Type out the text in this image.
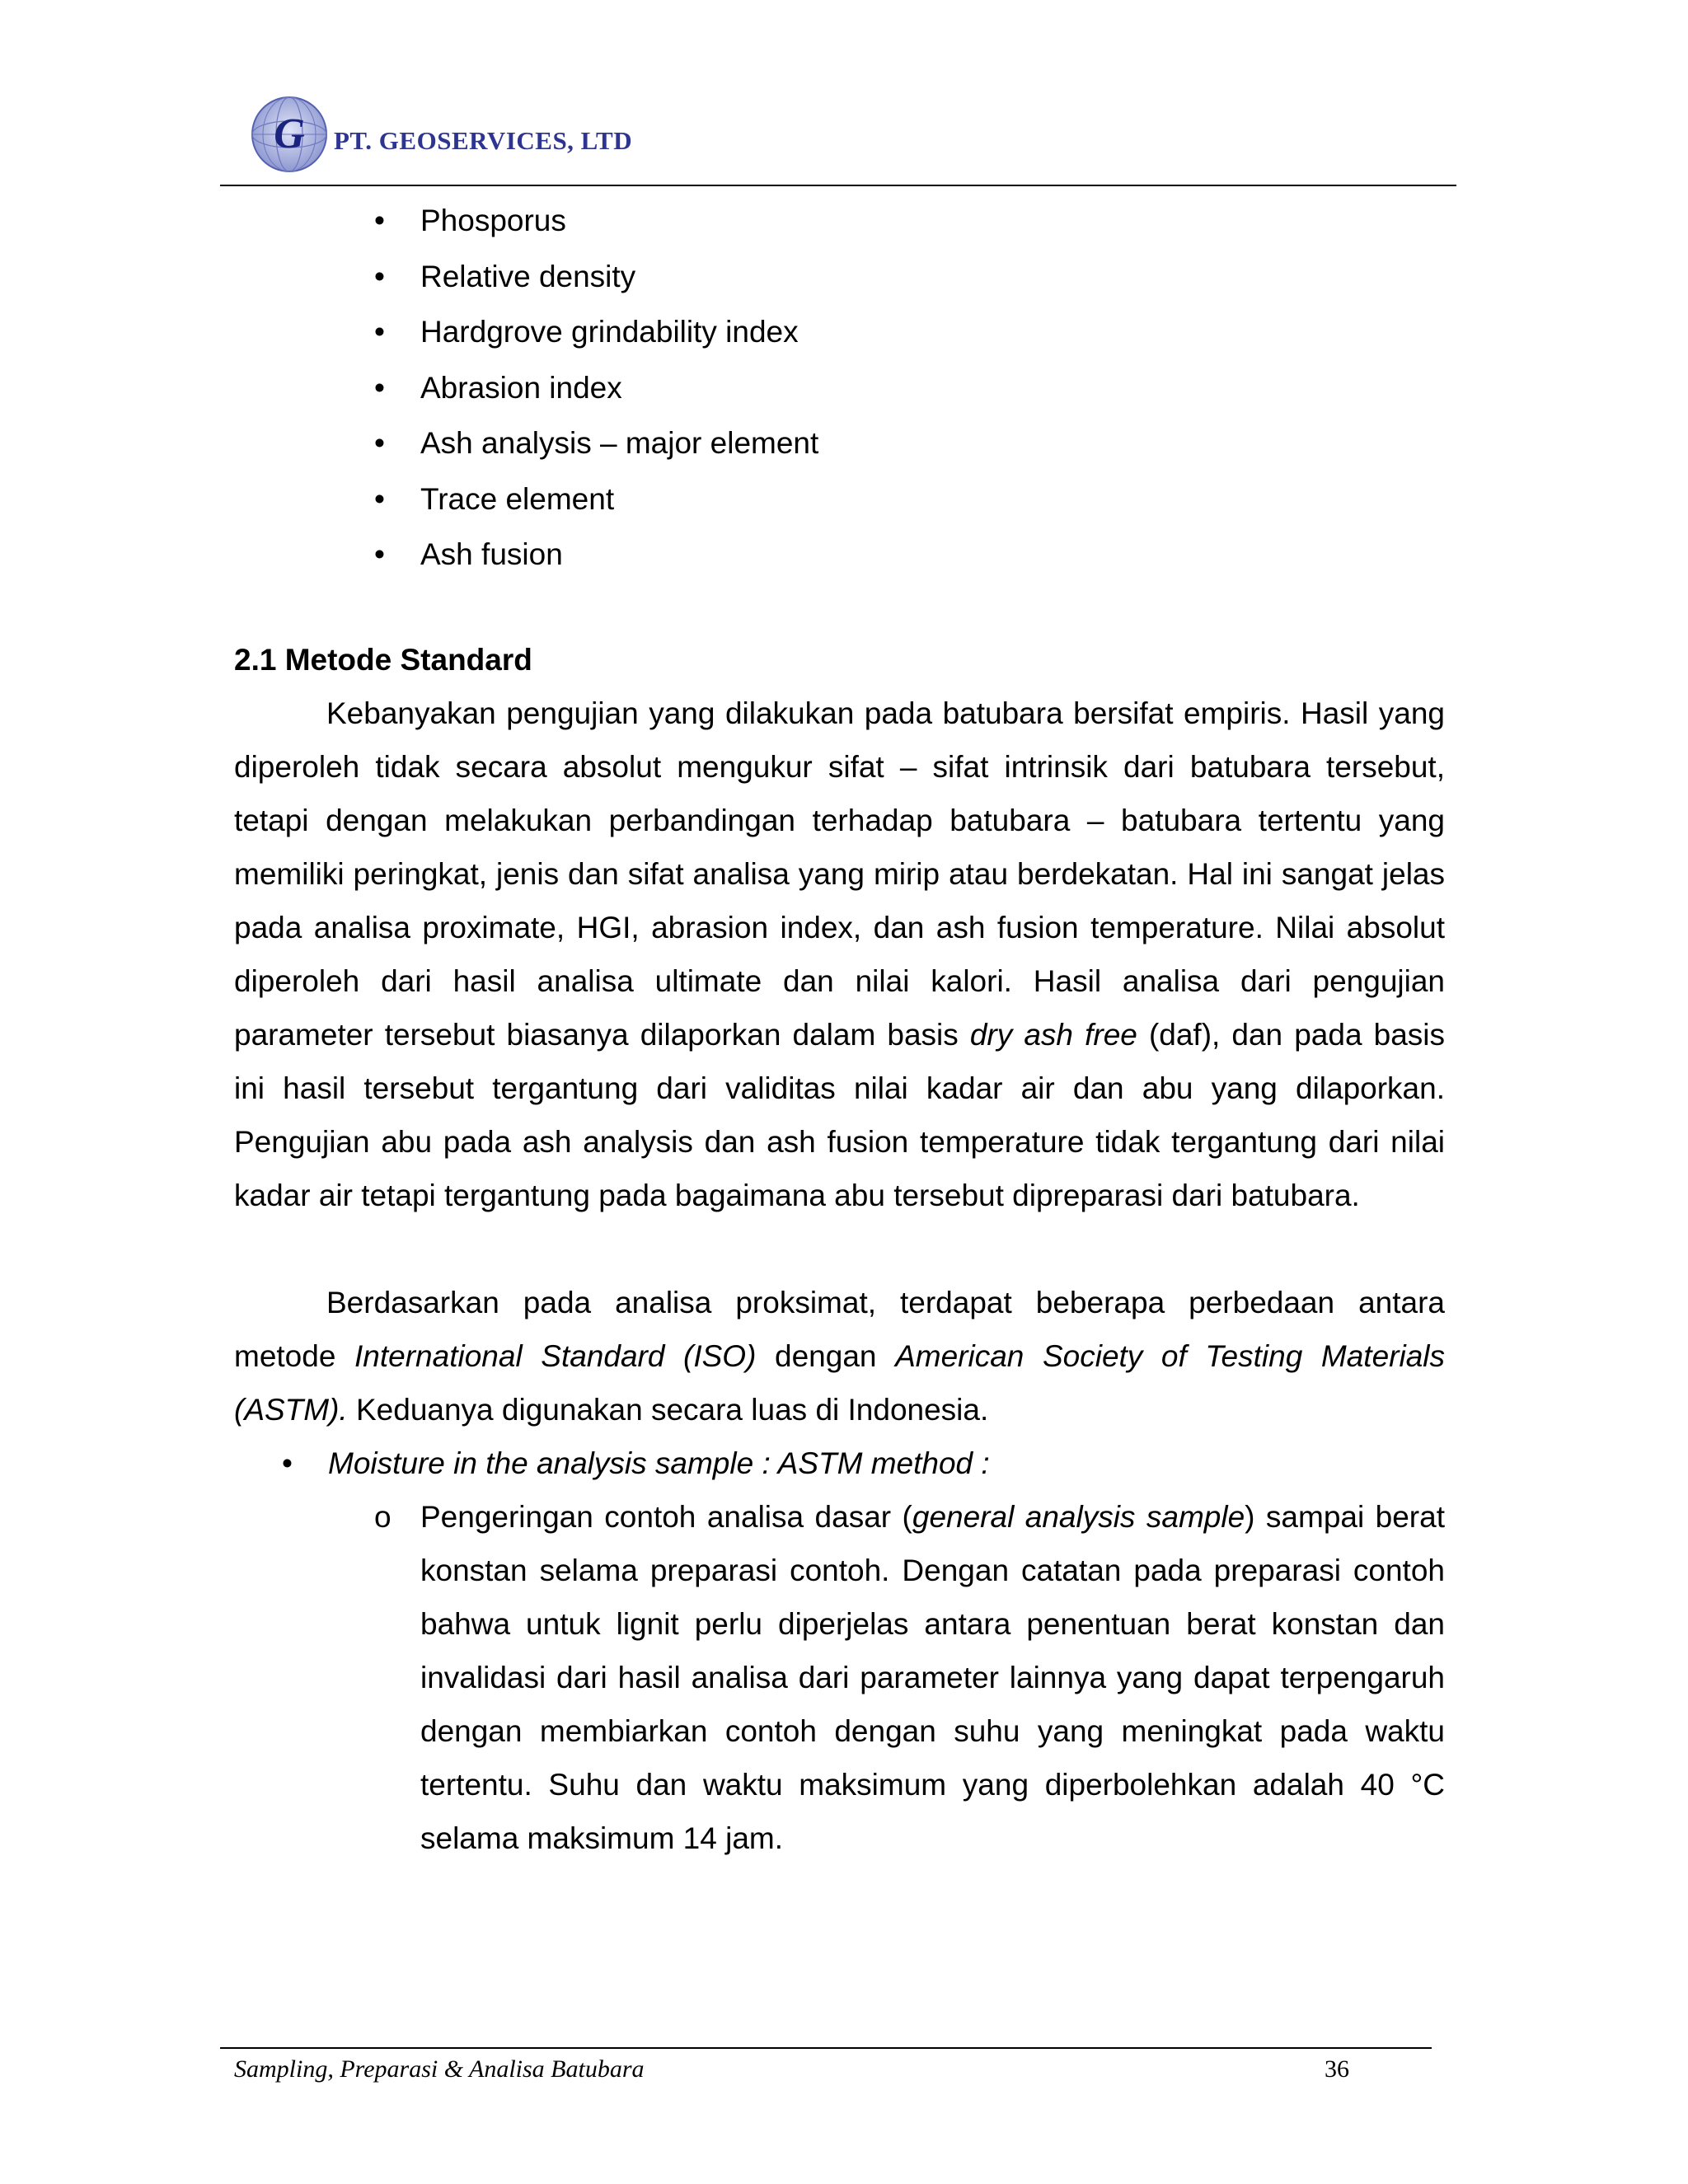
G PT. GEOSERVICES, LTD
• Phosporus
• Relative density
• Hardgrove grindability index
• Abrasion index
• Ash analysis – major element
• Trace element
• Ash fusion
2.1 Metode Standard

Kebanyakan pengujian yang dilakukan pada batubara bersifat empiris. Hasil yang diperoleh tidak secara absolut mengukur sifat – sifat intrinsik dari batubara tersebut, tetapi dengan melakukan perbandingan terhadap batubara – batubara tertentu yang memiliki peringkat, jenis dan sifat analisa yang mirip atau berdekatan. Hal ini sangat jelas pada analisa proximate, HGI, abrasion index, dan ash fusion temperature. Nilai absolut diperoleh dari hasil analisa ultimate dan nilai kalori. Hasil analisa dari pengujian parameter tersebut biasanya dilaporkan dalam basis dry ash free (daf), dan pada basis ini hasil tersebut tergantung dari validitas nilai kadar air dan abu yang dilaporkan. Pengujian abu pada ash analysis dan ash fusion temperature tidak tergantung dari nilai kadar air tetapi tergantung pada bagaimana abu tersebut dipreparasi dari batubara.

Berdasarkan pada analisa proksimat, terdapat beberapa perbedaan antara metode International Standard (ISO) dengan American Society of Testing Materials (ASTM). Keduanya digunakan secara luas di Indonesia.

• Moisture in the analysis sample : ASTM method :
o Pengeringan contoh analisa dasar (general analysis sample) sampai berat konstan selama preparasi contoh. Dengan catatan pada preparasi contoh bahwa untuk lignit perlu diperjelas antara penentuan berat konstan dan invalidasi dari hasil analisa dari parameter lainnya yang dapat terpengaruh dengan membiarkan contoh dengan suhu yang meningkat pada waktu tertentu. Suhu dan waktu maksimum yang diperbolehkan adalah 40 °C selama maksimum 14 jam.

Sampling, Preparasi & Analisa Batubara	36
